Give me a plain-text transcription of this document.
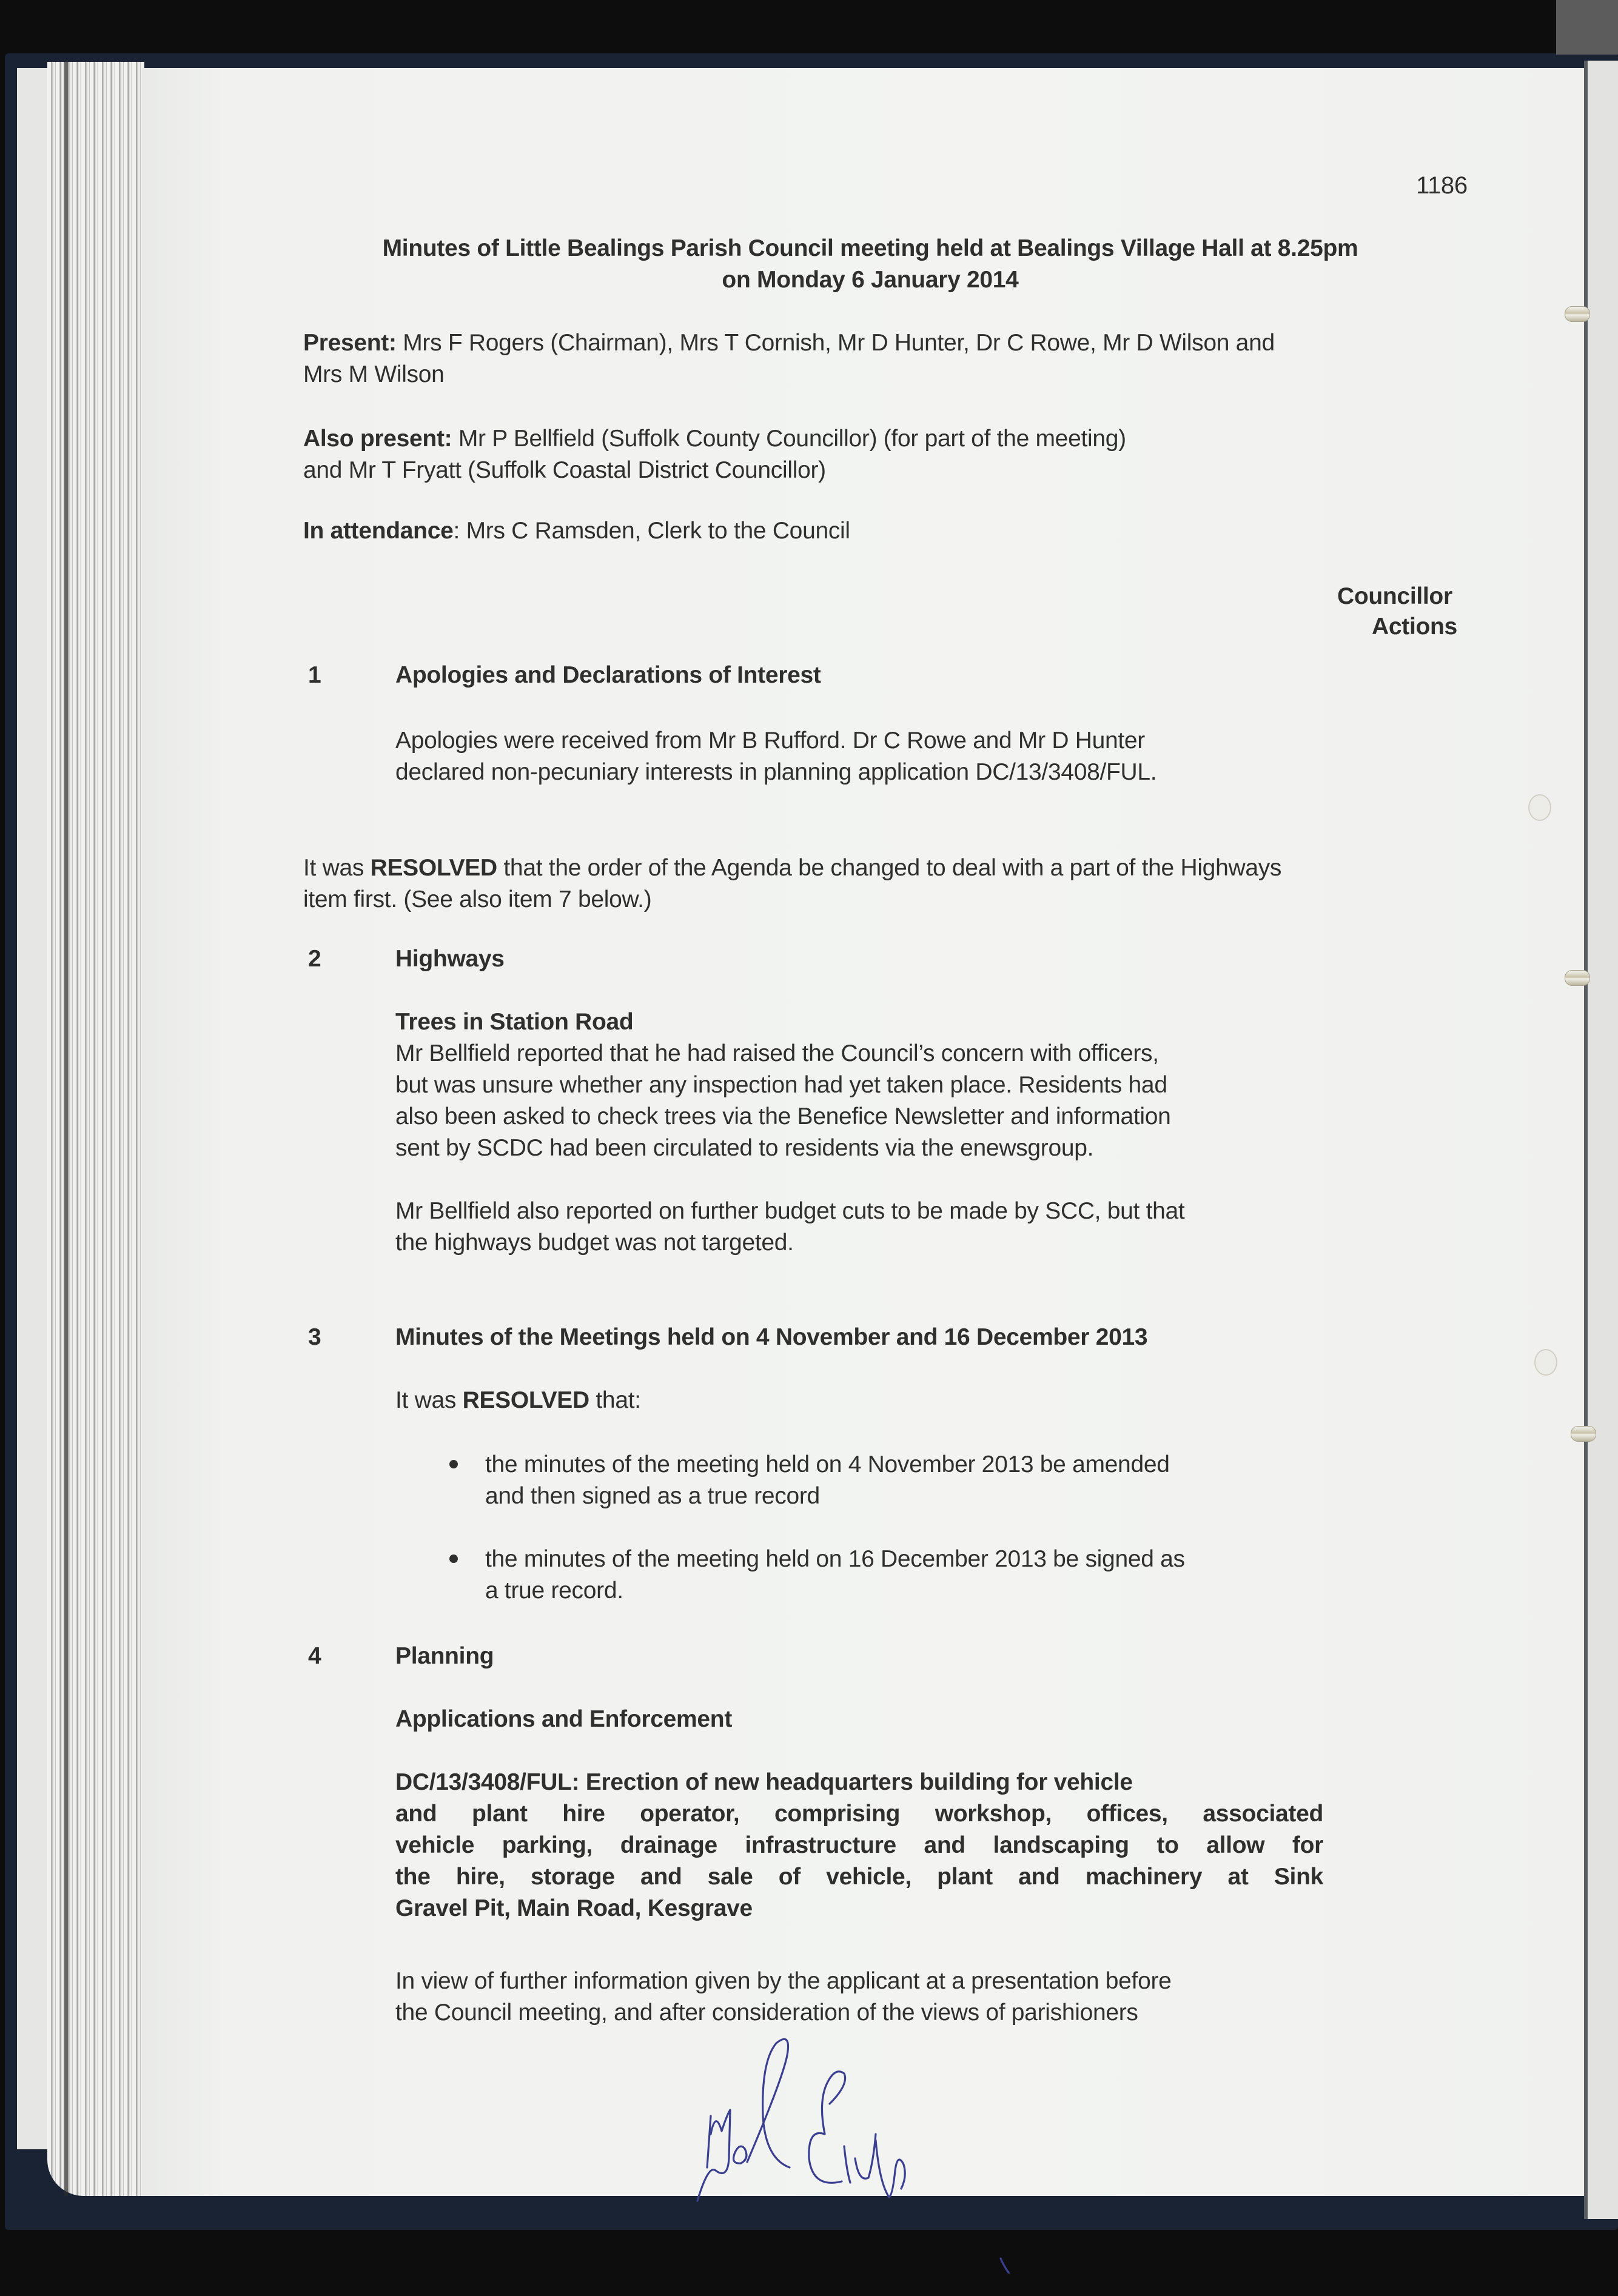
1186
Minutes of Little Bealings Parish Council meeting held at Bealings Village Hall at 8.25pm
on Monday 6 January 2014
Present: Mrs F Rogers (Chairman), Mrs T Cornish, Mr D Hunter, Dr C Rowe, Mr D Wilson and
Mrs M Wilson
Also present: Mr P Bellfield (Suffolk County Councillor) (for part of the meeting)
and Mr T Fryatt (Suffolk Coastal District Councillor)
In attendance: Mrs C Ramsden, Clerk to the Council
Councillor
Actions
1	Apologies and Declarations of Interest
Apologies were received from Mr B Rufford. Dr C Rowe and Mr D Hunter
declared non-pecuniary interests in planning application DC/13/3408/FUL.
It was RESOLVED that the order of the Agenda be changed to deal with a part of the Highways
item first. (See also item 7 below.)
2	Highways
Trees in Station Road
Mr Bellfield reported that he had raised the Council’s concern with officers,
but was unsure whether any inspection had yet taken place. Residents had
also been asked to check trees via the Benefice Newsletter and information
sent by SCDC had been circulated to residents via the enewsgroup.
Mr Bellfield also reported on further budget cuts to be made by SCC, but that
the highways budget was not targeted.
3	Minutes of the Meetings held on 4 November and 16 December 2013
It was RESOLVED that:
the minutes of the meeting held on 4 November 2013 be amended
and then signed as a true record
the minutes of the meeting held on 16 December 2013 be signed as
a true record.
4	Planning
Applications and Enforcement
DC/13/3408/FUL: Erection of new headquarters building for vehicle
and plant hire operator, comprising workshop, offices, associated
vehicle parking, drainage infrastructure and landscaping to allow for
the hire, storage and sale of vehicle, plant and machinery at Sink
Gravel Pit, Main Road, Kesgrave
In view of further information given by the applicant at a presentation before
the Council meeting, and after consideration of the views of parishioners
